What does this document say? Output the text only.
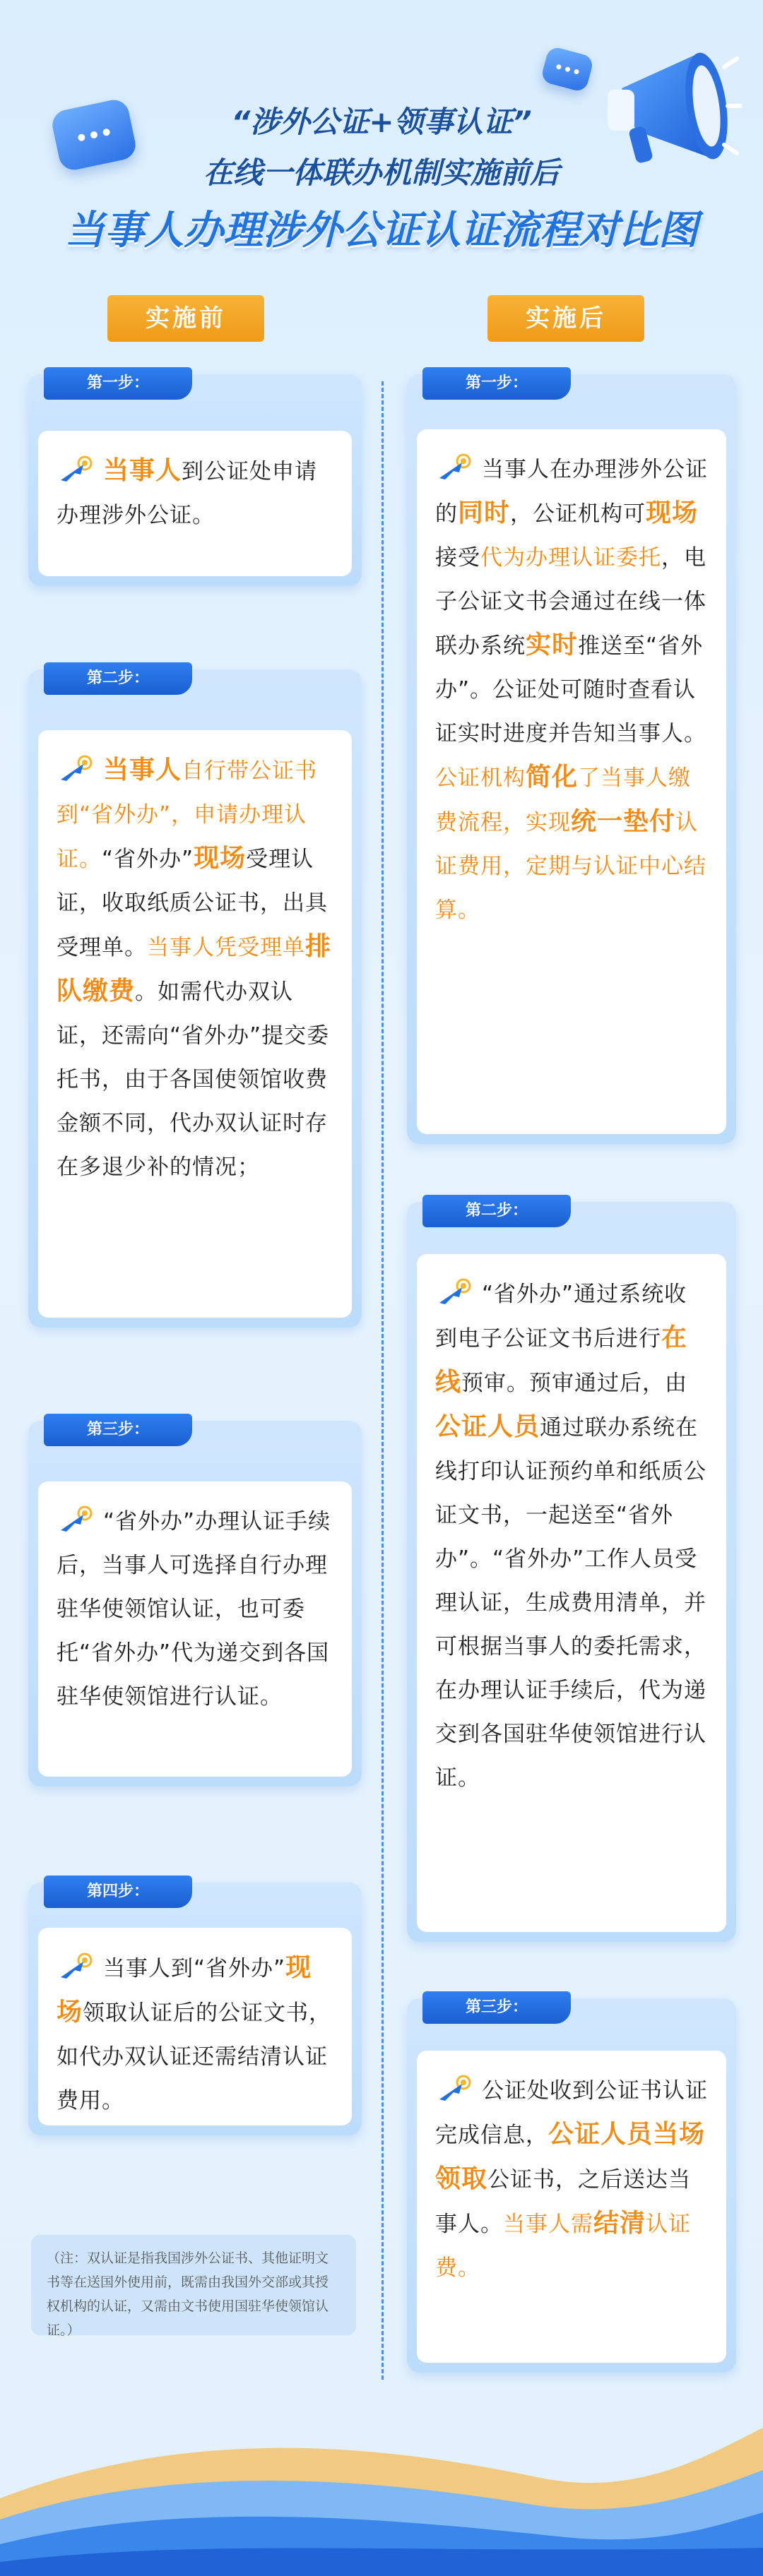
“涉外公证+领事认证”
在线一体联办机制实施前后
当事人办理涉外公证认证流程对比图
实施前	实施后
第一步：
当事人到公证处申请办理涉外公证。
第二步：
当事人自行带公证书到“省外办”，申请办理认证。“省外办”现场受理认证，收取纸质公证书，出具受理单。当事人凭受理单排队缴费。如需代办双认证，还需向“省外办”提交委托书，由于各国使领馆收费金额不同，代办双认证时存在多退少补的情况；
第三步：
“省外办”办理认证手续后，当事人可选择自行办理驻华使领馆认证，也可委托“省外办”代为递交到各国驻华使领馆进行认证。
第四步：
当事人到“省外办”现场领取认证后的公证文书，如代办双认证还需结清认证费用。
（注：双认证是指我国涉外公证书、其他证明文书等在送国外使用前，既需由我国外交部或其授权机构的认证，又需由文书使用国驻华使领馆认证。）
第一步：
当事人在办理涉外公证的同时，公证机构可现场接受代为办理认证委托，电子公证文书会通过在线一体联办系统实时推送至“省外办”。公证处可随时查看认证实时进度并告知当事人。公证机构简化了当事人缴费流程，实现统一垫付认证费用，定期与认证中心结算。
第二步：
“省外办”通过系统收到电子公证文书后进行在线预审。预审通过后，由公证人员通过联办系统在线打印认证预约单和纸质公证文书，一起送至“省外办”。“省外办”工作人员受理认证，生成费用清单，并可根据当事人的委托需求，在办理认证手续后，代为递交到各国驻华使领馆进行认证。
第三步：
公证处收到公证书认证完成信息，公证人员当场领取公证书，之后送达当事人。当事人需结清认证费。
